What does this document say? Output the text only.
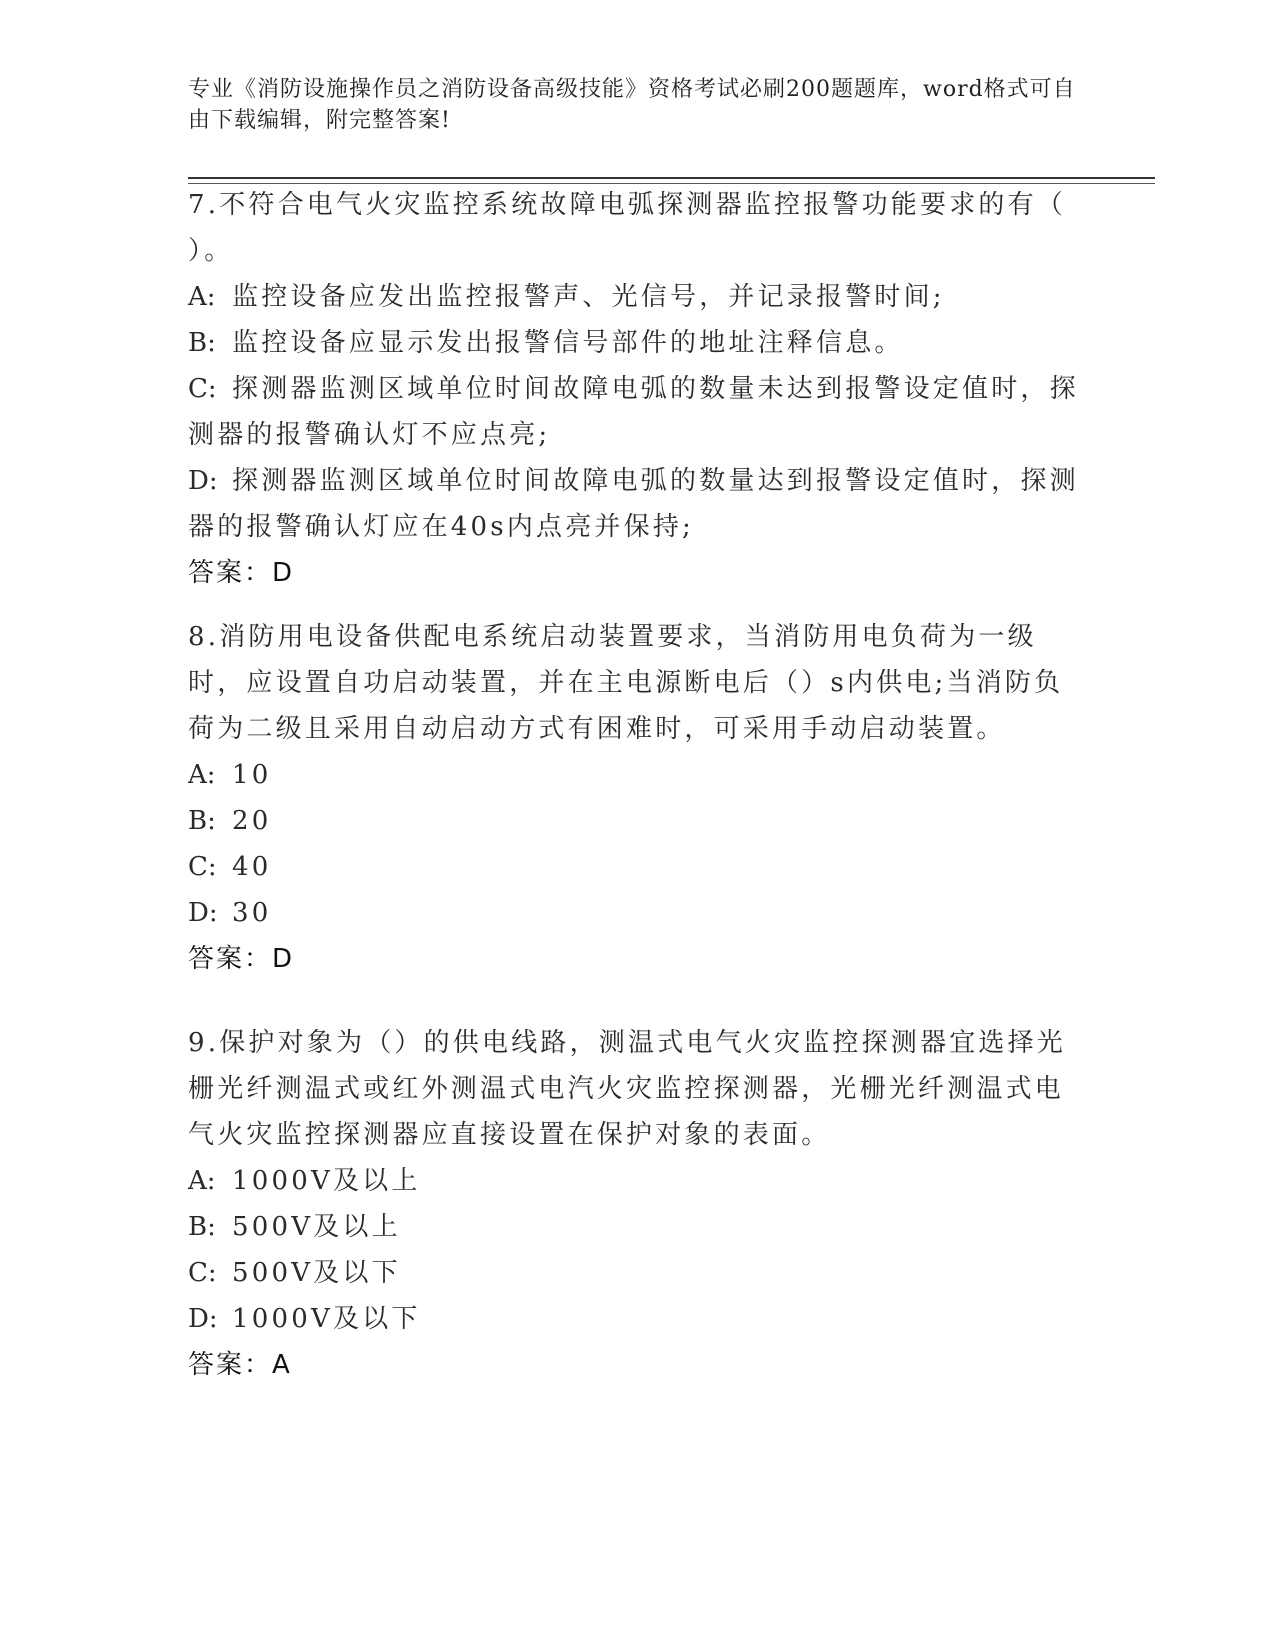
专业《消防设施操作员之消防设备高级技能》资格考试必刷200题题库，word格式可自由下载编辑，附完整答案!
7.不符合电气火灾监控系统故障电弧探测器监控报警功能要求的有（ ）。
A: 监控设备应发出监控报警声、光信号，并记录报警时间;
B: 监控设备应显示发出报警信号部件的地址注释信息。
C: 探测器监测区域单位时间故障电弧的数量未达到报警设定值时，探测器的报警确认灯不应点亮;
D: 探测器监测区域单位时间故障电弧的数量达到报警设定值时，探测器的报警确认灯应在40s内点亮并保持;
答案：D
8.消防用电设备供配电系统启动装置要求，当消防用电负荷为一级时，应设置自功启动装置，并在主电源断电后（）s内供电;当消防负荷为二级且采用自动启动方式有困难时，可采用手动启动装置。
A: 10
B: 20
C: 40
D: 30
答案：D
9.保护对象为（）的供电线路，测温式电气火灾监控探测器宜选择光栅光纤测温式或红外测温式电汽火灾监控探测器，光栅光纤测温式电气火灾监控探测器应直接设置在保护对象的表面。
A: 1000V及以上
B: 500V及以上
C: 500V及以下
D: 1000V及以下
答案：A
